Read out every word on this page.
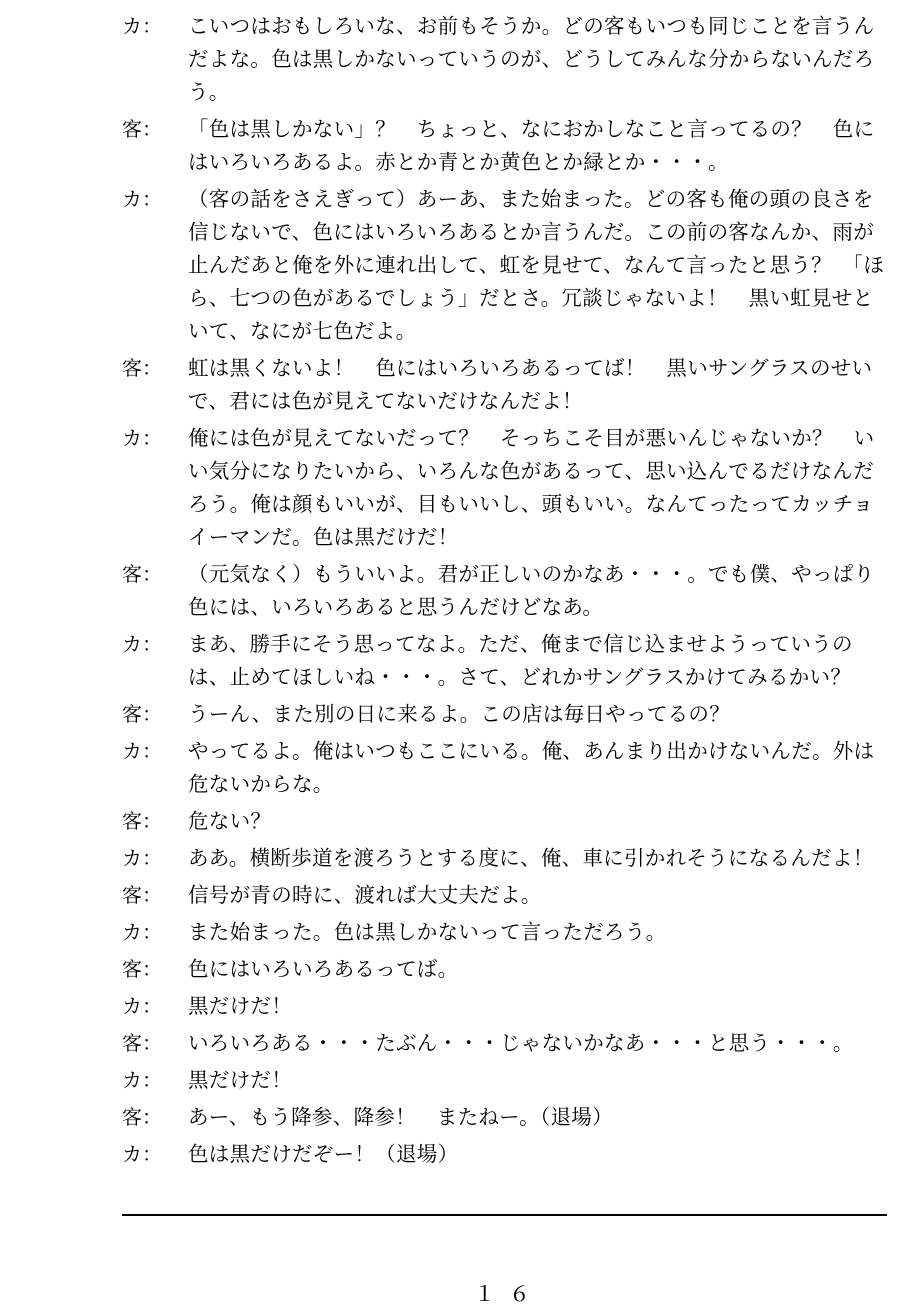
カ：	こいつはおもしろいな、お前もそうか。どの客もいつも同じことを言うんだよな。色は黒しかないっていうのが、どうしてみんな分からないんだろう。
客：	「色は黒しかない」？　ちょっと、なにおかしなこと言ってるの？　色にはいろいろあるよ。赤とか青とか黄色とか緑とか・・・。
カ：	（客の話をさえぎって）あーあ、また始まった。どの客も俺の頭の良さを信じないで、色にはいろいろあるとか言うんだ。この前の客なんか、雨が止んだあと俺を外に連れ出して、虹を見せて、なんて言ったと思う？　「ほら、七つの色があるでしょう」だとさ。冗談じゃないよ！　黒い虹見せといて、なにが七色だよ。
客：	虹は黒くないよ！　色にはいろいろあるってば！　黒いサングラスのせいで、君には色が見えてないだけなんだよ！
カ：	俺には色が見えてないだって？　そっちこそ目が悪いんじゃないか？　いい気分になりたいから、いろんな色があるって、思い込んでるだけなんだろう。俺は顔もいいが、目もいいし、頭もいい。なんてったってカッチョイーマンだ。色は黒だけだ！
客：	（元気なく）もういいよ。君が正しいのかなあ・・・。でも僕、やっぱり色には、いろいろあると思うんだけどなあ。
カ：	まあ、勝手にそう思ってなよ。ただ、俺まで信じ込ませようっていうのは、止めてほしいね・・・。さて、どれかサングラスかけてみるかい？
客：	うーん、また別の日に来るよ。この店は毎日やってるの？
カ：	やってるよ。俺はいつもここにいる。俺、あんまり出かけないんだ。外は危ないからな。
客：	危ない？
カ：	ああ。横断歩道を渡ろうとする度に、俺、車に引かれそうになるんだよ！
客：	信号が青の時に、渡れば大丈夫だよ。
カ：	また始まった。色は黒しかないって言っただろう。
客：	色にはいろいろあるってば。
カ：	黒だけだ！
客：	いろいろある・・・たぶん・・・じゃないかなあ・・・と思う・・・。
カ：	黒だけだ！
客：	あー、もう降参、降参！　またねー。（退場）
カ：	色は黒だけだぞー！（退場）
１６
